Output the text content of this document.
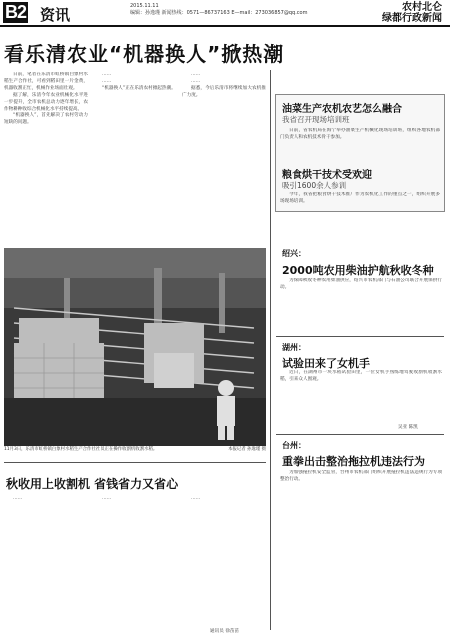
B2 资讯	2015.11.11
编辑：孙逸瑾 新闻热线：0571—86737163 E—mail：273036857@qq.com	农村北仑
绿都行政新闻
看乐清农业“机器换人”掀热潮

日前，笔者在乐清市虹桥镇白象村水稻生产合作社，可看到稻田里一片金黄，机器收割正忙，机械作业场面壮观。

据了解，乐清今年农业机械化水平进一步提升，全市农机总动力逐年增长，农作物耕种收综合机械化水平持续提高。

“机器换人”，首先解决了农村劳动力短缺的问题。

……

……

“机器换人”正在乐清农村掀起热潮。

……

……

据悉，今后乐清市将继续加大农机推广力度。

11月3日，乐清市虹桥镇白象村水稻生产合作社社员正在操作收割机收割水稻。	本报记者 孙逸瑾 摄
秋收用上收割机 省钱省力又省心

……	……	……

通讯员 徐苗苗
油菜生产农机农艺怎么融合
我省召开现场培训班

日前，省农机局在海宁举办油菜生产机械化现场培训班，组织各地农机部门负责人和农机技术骨干参加。

粮食烘干技术受欢迎
吸引1600余人参训

今年，我省把粮食烘干技术推广作为农机化工作的重点之一，组织开展多场现场培训。

绍兴：
2000吨农用柴油护航秋收冬种

为保障秋收冬种农用柴油供应，绍兴市农机部门与石油公司联合开展保供行动。

湖州：
试验田来了女机手

近日，在湖州市一块水稻试验田里，一位女机手熟练地驾驶收割机收割水稻，引来众人围观。

吴亚 陈凯
台州：
重拳出击整治拖拉机违法行为

为加强拖拉机安全监管，台州市农机部门组织开展拖拉机违法违规行为专项整治行动。
